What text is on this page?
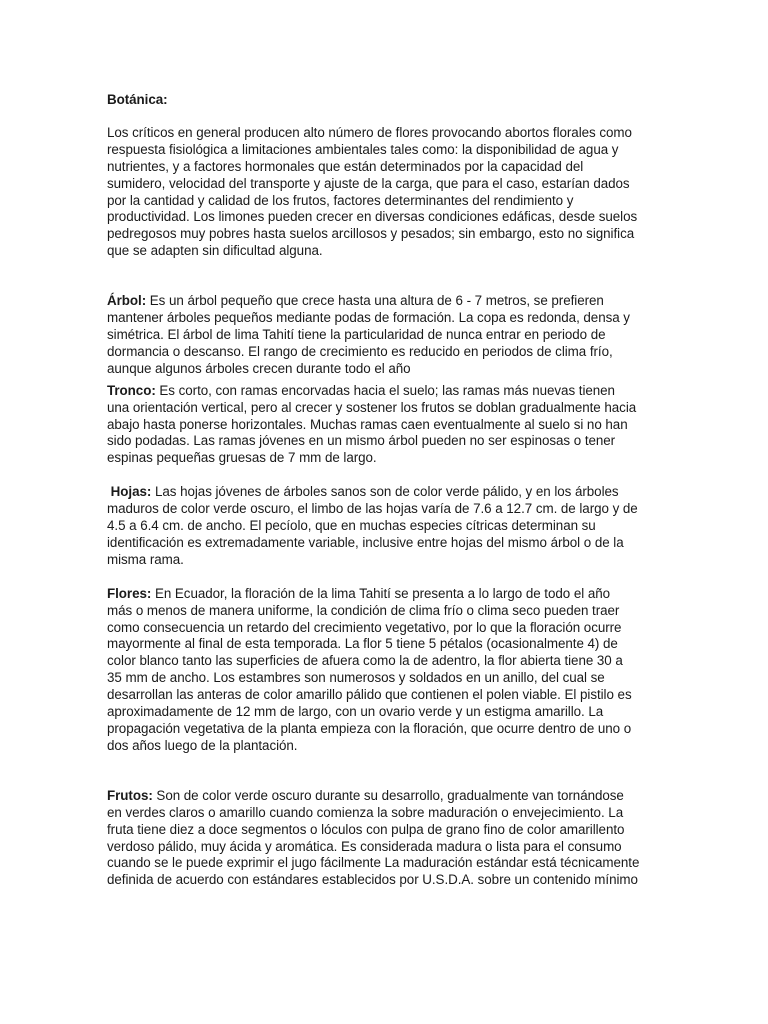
Botánica:

Los críticos en general producen alto número de flores provocando abortos florales como
respuesta fisiológica a limitaciones ambientales tales como: la disponibilidad de agua y
nutrientes, y a factores hormonales que están determinados por la capacidad del
sumidero, velocidad del transporte y ajuste de la carga, que para el caso, estarían dados
por la cantidad y calidad de los frutos, factores determinantes del rendimiento y
productividad. Los limones pueden crecer en diversas condiciones edáficas, desde suelos
pedregosos muy pobres hasta suelos arcillosos y pesados; sin embargo, esto no significa
que se adapten sin dificultad alguna.

Árbol: Es un árbol pequeño que crece hasta una altura de 6 - 7 metros, se prefieren
mantener árboles pequeños mediante podas de formación. La copa es redonda, densa y
simétrica. El árbol de lima Tahití tiene la particularidad de nunca entrar en periodo de
dormancia o descanso. El rango de crecimiento es reducido en periodos de clima frío,
aunque algunos árboles crecen durante todo el año

Tronco: Es corto, con ramas encorvadas hacia el suelo; las ramas más nuevas tienen
una orientación vertical, pero al crecer y sostener los frutos se doblan gradualmente hacia
abajo hasta ponerse horizontales. Muchas ramas caen eventualmente al suelo si no han
sido podadas. Las ramas jóvenes en un mismo árbol pueden no ser espinosas o tener
espinas pequeñas gruesas de 7 mm de largo.

Hojas: Las hojas jóvenes de árboles sanos son de color verde pálido, y en los árboles
maduros de color verde oscuro, el limbo de las hojas varía de 7.6 a 12.7 cm. de largo y de
4.5 a 6.4 cm. de ancho. El pecíolo, que en muchas especies cítricas determinan su
identificación es extremadamente variable, inclusive entre hojas del mismo árbol o de la
misma rama.

Flores: En Ecuador, la floración de la lima Tahití se presenta a lo largo de todo el año
más o menos de manera uniforme, la condición de clima frío o clima seco pueden traer
como consecuencia un retardo del crecimiento vegetativo, por lo que la floración ocurre
mayormente al final de esta temporada. La flor 5 tiene 5 pétalos (ocasionalmente 4) de
color blanco tanto las superficies de afuera como la de adentro, la flor abierta tiene 30 a
35 mm de ancho. Los estambres son numerosos y soldados en un anillo, del cual se
desarrollan las anteras de color amarillo pálido que contienen el polen viable. El pistilo es
aproximadamente de 12 mm de largo, con un ovario verde y un estigma amarillo. La
propagación vegetativa de la planta empieza con la floración, que ocurre dentro de uno o
dos años luego de la plantación.

Frutos: Son de color verde oscuro durante su desarrollo, gradualmente van tornándose
en verdes claros o amarillo cuando comienza la sobre maduración o envejecimiento. La
fruta tiene diez a doce segmentos o lóculos con pulpa de grano fino de color amarillento
verdoso pálido, muy ácida y aromática. Es considerada madura o lista para el consumo
cuando se le puede exprimir el jugo fácilmente La maduración estándar está técnicamente
definida de acuerdo con estándares establecidos por U.S.D.A. sobre un contenido mínimo
